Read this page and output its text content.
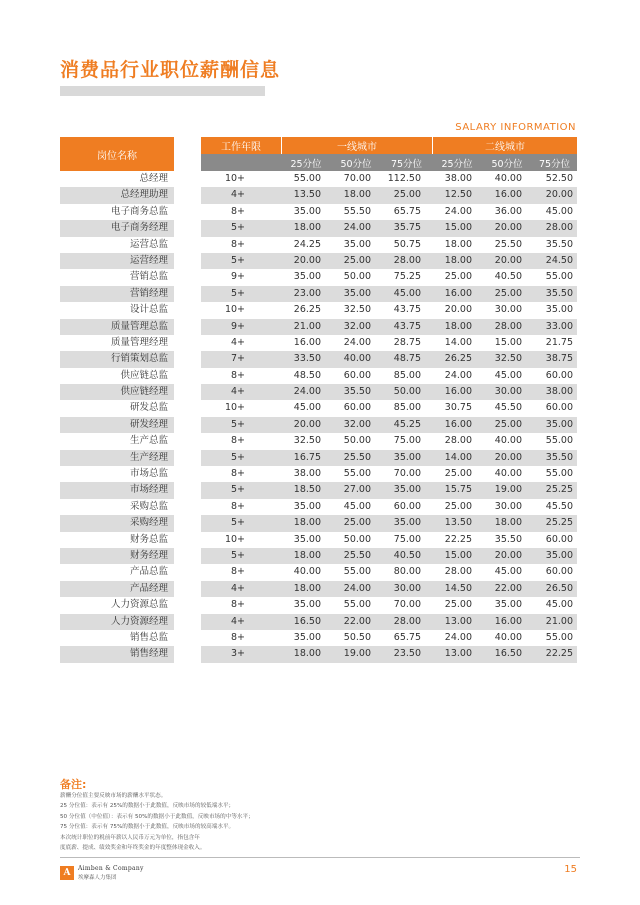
消费品行业职位薪酬信息
SALARY INFORMATION
岗位名称
工作年限	一线城市	二线城市
25分位	50分位	75分位	25分位	50分位	75分位
总经理	10+	55.00	70.00	112.50	38.00	40.00	52.50
总经理助理	4+	13.50	18.00	25.00	12.50	16.00	20.00
电子商务总监	8+	35.00	55.50	65.75	24.00	36.00	45.00
电子商务经理	5+	18.00	24.00	35.75	15.00	20.00	28.00
运营总监	8+	24.25	35.00	50.75	18.00	25.50	35.50
运营经理	5+	20.00	25.00	28.00	18.00	20.00	24.50
营销总监	9+	35.00	50.00	75.25	25.00	40.50	55.00
营销经理	5+	23.00	35.00	45.00	16.00	25.00	35.50
设计总监	10+	26.25	32.50	43.75	20.00	30.00	35.00
质量管理总监	9+	21.00	32.00	43.75	18.00	28.00	33.00
质量管理经理	4+	16.00	24.00	28.75	14.00	15.00	21.75
行销策划总监	7+	33.50	40.00	48.75	26.25	32.50	38.75
供应链总监	8+	48.50	60.00	85.00	24.00	45.00	60.00
供应链经理	4+	24.00	35.50	50.00	16.00	30.00	38.00
研发总监	10+	45.00	60.00	85.00	30.75	45.50	60.00
研发经理	5+	20.00	32.00	45.25	16.00	25.00	35.00
生产总监	8+	32.50	50.00	75.00	28.00	40.00	55.00
生产经理	5+	16.75	25.50	35.00	14.00	20.00	35.50
市场总监	8+	38.00	55.00	70.00	25.00	40.00	55.00
市场经理	5+	18.50	27.00	35.00	15.75	19.00	25.25
采购总监	8+	35.00	45.00	60.00	25.00	30.00	45.50
采购经理	5+	18.00	25.00	35.00	13.50	18.00	25.25
财务总监	10+	35.00	50.00	75.00	22.25	35.50	60.00
财务经理	5+	18.00	25.50	40.50	15.00	20.00	35.00
产品总监	8+	40.00	55.00	80.00	28.00	45.00	60.00
产品经理	4+	18.00	24.00	30.00	14.50	22.00	26.50
人力资源总监	8+	35.00	55.00	70.00	25.00	35.00	45.00
人力资源经理	4+	16.50	22.00	28.00	13.00	16.00	21.00
销售总监	8+	35.00	50.50	65.75	24.00	40.00	55.00
销售经理	3+	18.00	19.00	23.50	13.00	16.50	22.25
备注:
薪酬分位值主要反映市场的薪酬水平状态。
25 分位值：表示有 25%的数据小于此数值，反映市场的较低端水平；
50 分位值（中位值）：表示有 50%的数据小于此数值，反映市场的中等水平；
75 分位值：表示有 75%的数据小于此数值，反映市场的较高端水平。
本次统计职位的税前年薪以人民币万元为单位，指包含年
度底薪、提成、绩效奖金和年终奖金的年度整体现金收入。
A	Aimben & Company
埃摩森人力集团
15
